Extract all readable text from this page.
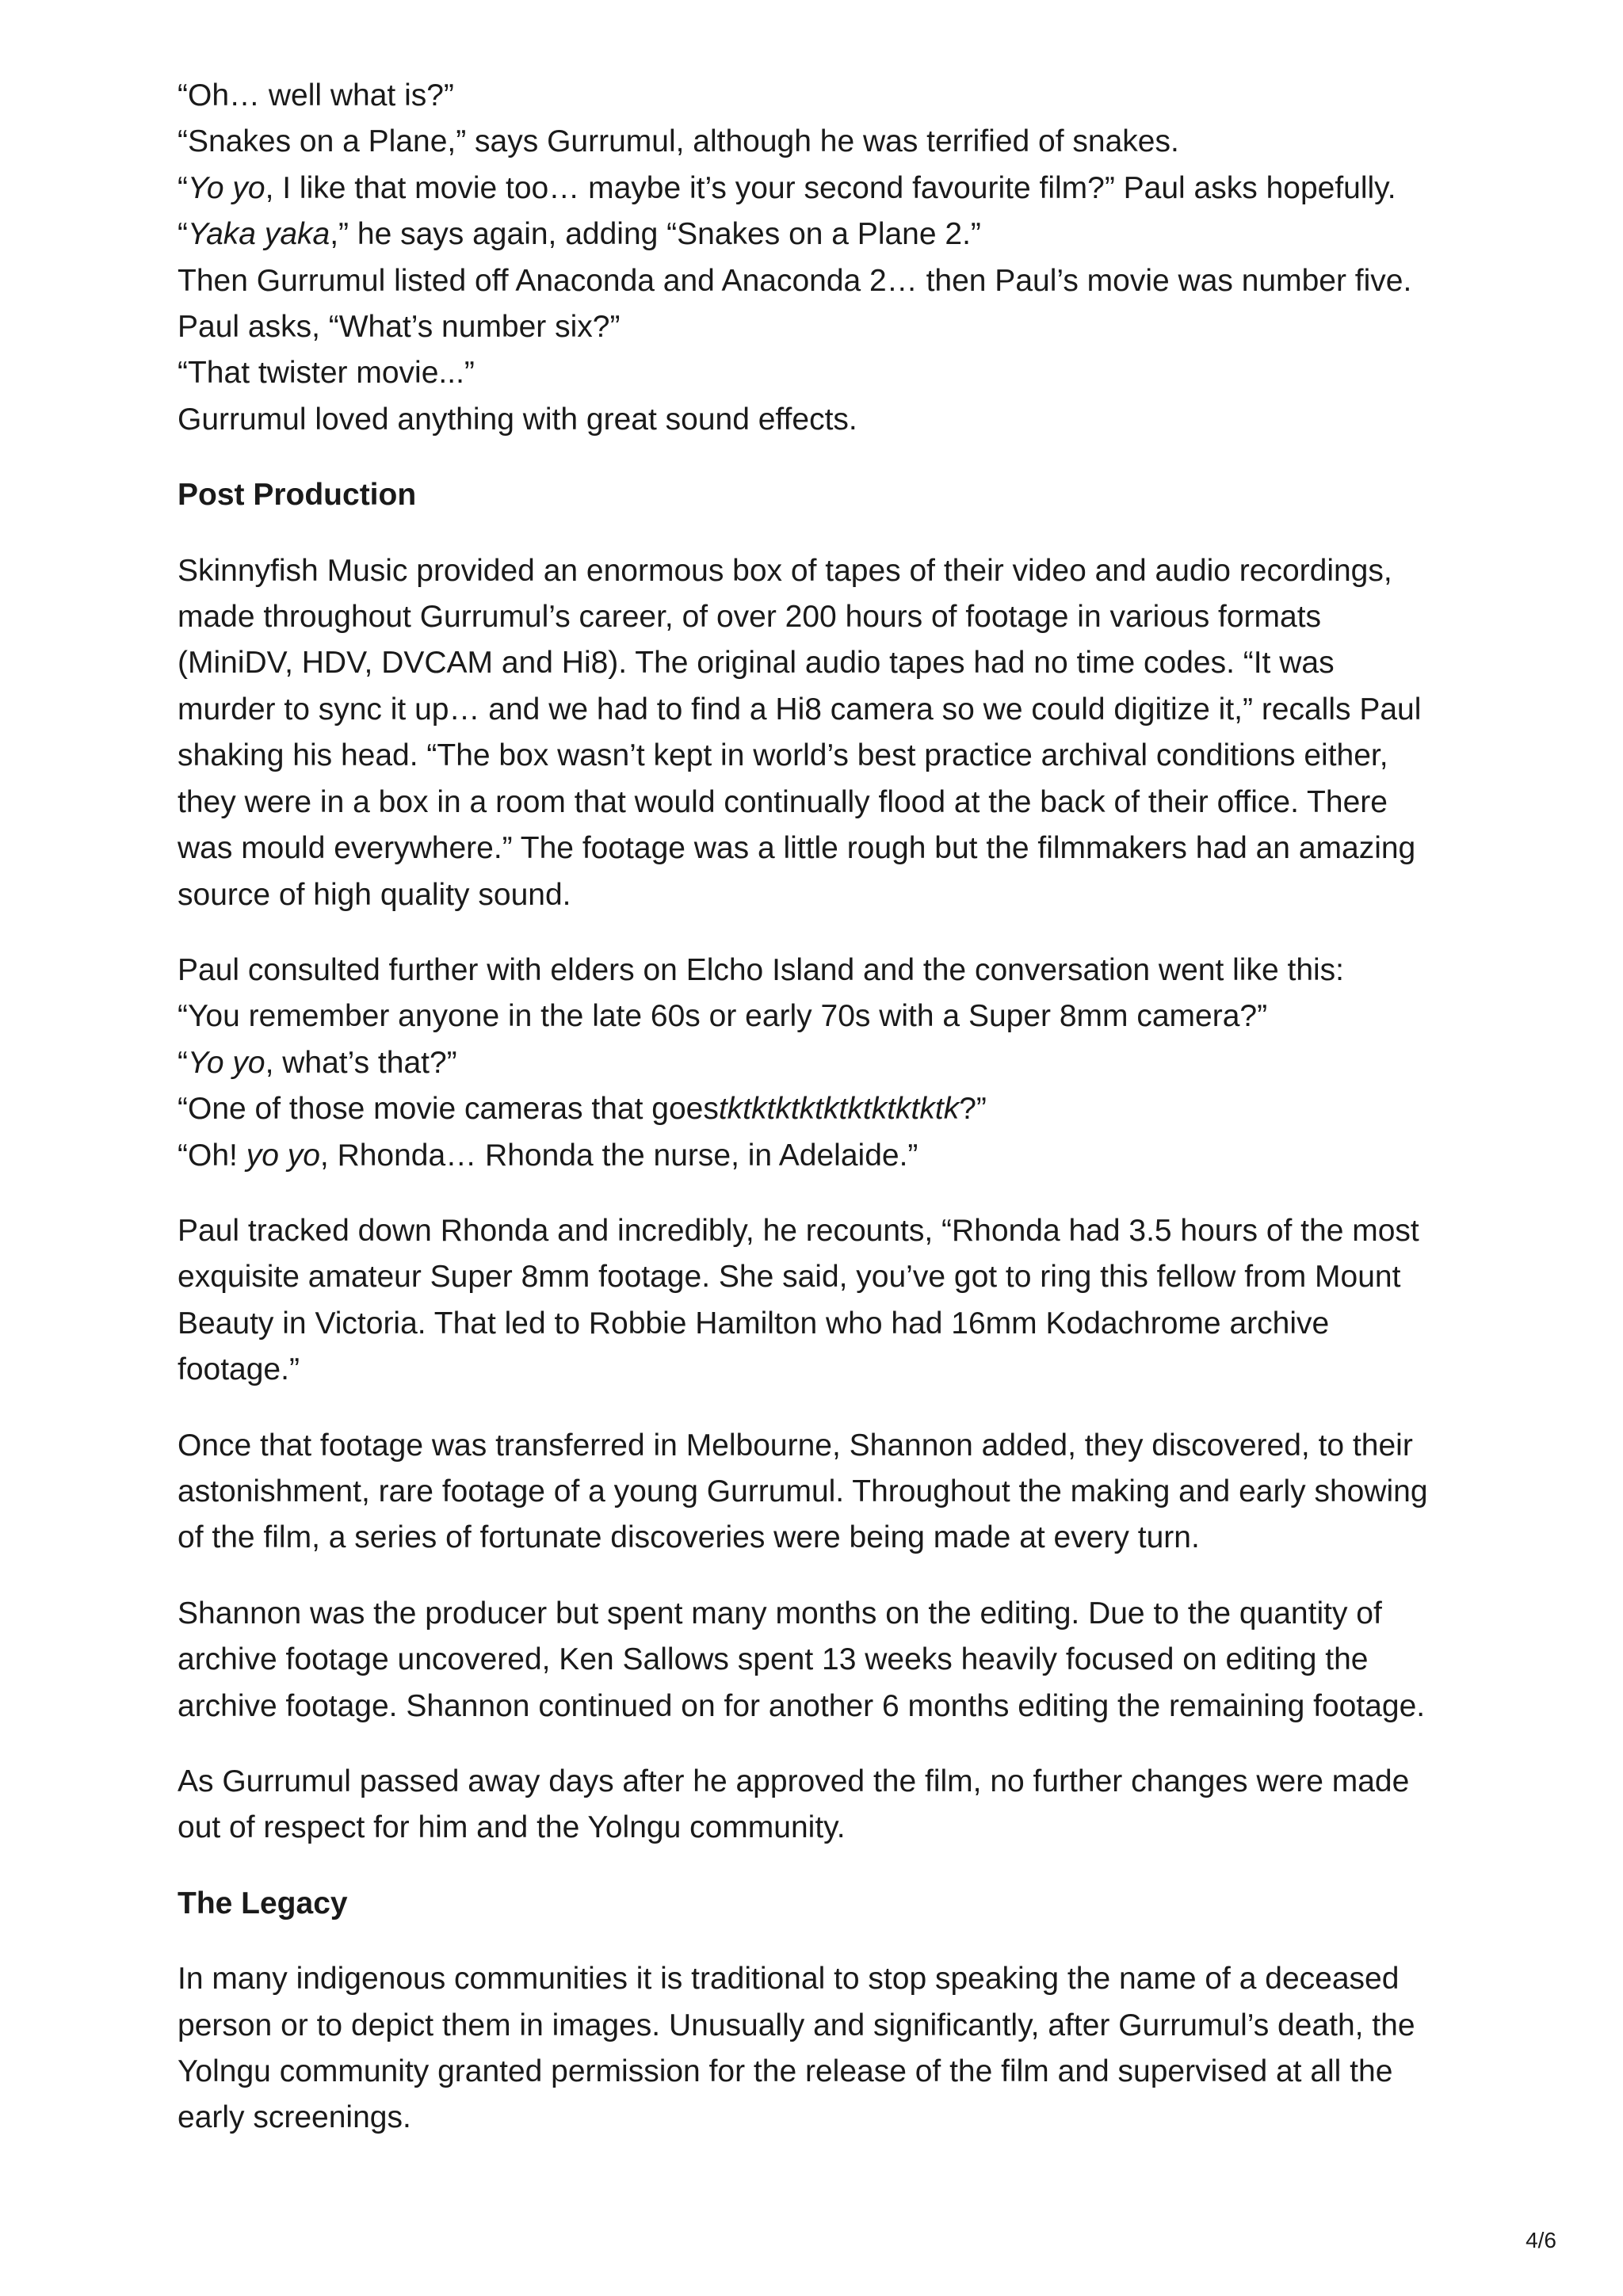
“Oh… well what is?”
“Snakes on a Plane,” says Gurrumul, although he was terrified of snakes.
“Yo yo, I like that movie too… maybe it’s your second favourite film?” Paul asks hopefully.
“Yaka yaka,” he says again, adding “Snakes on a Plane 2.”
Then Gurrumul listed off Anaconda and Anaconda 2… then Paul’s movie was number five.
Paul asks, “What’s number six?”
“That twister movie...”
Gurrumul loved anything with great sound effects.
Post Production
Skinnyfish Music provided an enormous box of tapes of their video and audio recordings,
made throughout Gurrumul’s career, of over 200 hours of footage in various formats
(MiniDV, HDV, DVCAM and Hi8). The original audio tapes had no time codes. “It was
murder to sync it up… and we had to find a Hi8 camera so we could digitize it,” recalls Paul
shaking his head. “The box wasn’t kept in world’s best practice archival conditions either,
they were in a box in a room that would continually flood at the back of their office. There
was mould everywhere.” The footage was a little rough but the filmmakers had an amazing
source of high quality sound.
Paul consulted further with elders on Elcho Island and the conversation went like this:
“You remember anyone in the late 60s or early 70s with a Super 8mm camera?”
“Yo yo, what’s that?”
“One of those movie cameras that goestktktktktktktktktktk?”
“Oh! yo yo, Rhonda… Rhonda the nurse, in Adelaide.”
Paul tracked down Rhonda and incredibly, he recounts, “Rhonda had 3.5 hours of the most
exquisite amateur Super 8mm footage. She said, you’ve got to ring this fellow from Mount
Beauty in Victoria. That led to Robbie Hamilton who had 16mm Kodachrome archive
footage.”
Once that footage was transferred in Melbourne, Shannon added, they discovered, to their
astonishment, rare footage of a young Gurrumul. Throughout the making and early showing
of the film, a series of fortunate discoveries were being made at every turn.
Shannon was the producer but spent many months on the editing. Due to the quantity of
archive footage uncovered, Ken Sallows spent 13 weeks heavily focused on editing the
archive footage. Shannon continued on for another 6 months editing the remaining footage.
As Gurrumul passed away days after he approved the film, no further changes were made
out of respect for him and the Yolngu community.
The Legacy
In many indigenous communities it is traditional to stop speaking the name of a deceased
person or to depict them in images. Unusually and significantly, after Gurrumul’s death, the
Yolngu community granted permission for the release of the film and supervised at all the
early screenings.
4/6
